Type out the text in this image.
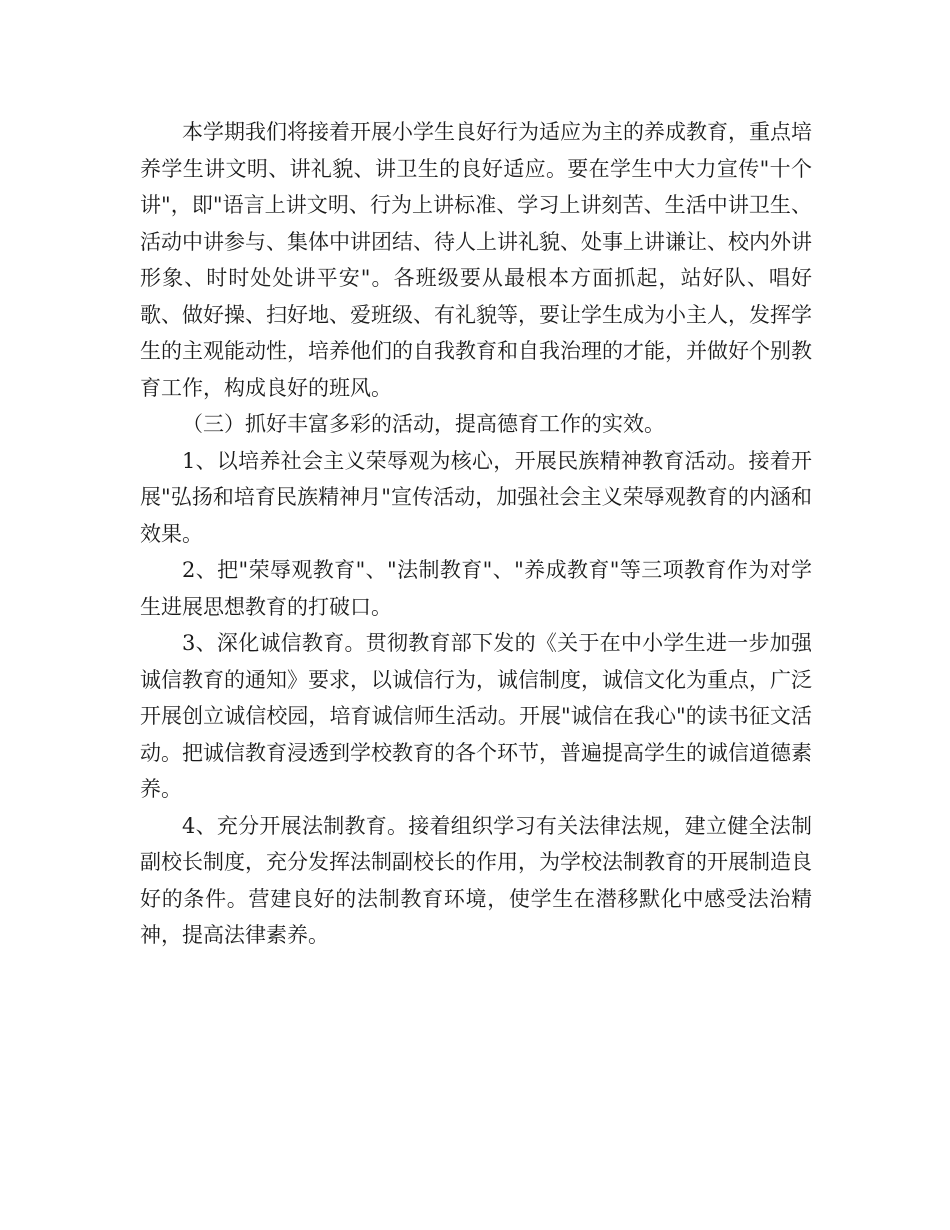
本学期我们将接着开展小学生良好行为适应为主的养成教育，重点培养学生讲文明、讲礼貌、讲卫生的良好适应。要在学生中大力宣传"十个讲"，即"语言上讲文明、行为上讲标准、学习上讲刻苦、生活中讲卫生、活动中讲参与、集体中讲团结、待人上讲礼貌、处事上讲谦让、校内外讲形象、时时处处讲平安"。各班级要从最根本方面抓起，站好队、唱好歌、做好操、扫好地、爱班级、有礼貌等，要让学生成为小主人，发挥学生的主观能动性，培养他们的自我教育和自我治理的才能，并做好个别教育工作，构成良好的班风。

（三）抓好丰富多彩的活动，提高德育工作的实效。

1、以培养社会主义荣辱观为核心，开展民族精神教育活动。接着开展"弘扬和培育民族精神月"宣传活动，加强社会主义荣辱观教育的内涵和效果。

2、把"荣辱观教育"、"法制教育"、"养成教育"等三项教育作为对学生进展思想教育的打破口。

3、深化诚信教育。贯彻教育部下发的《关于在中小学生进一步加强诚信教育的通知》要求，以诚信行为，诚信制度，诚信文化为重点，广泛开展创立诚信校园，培育诚信师生活动。开展"诚信在我心"的读书征文活动。把诚信教育浸透到学校教育的各个环节，普遍提高学生的诚信道德素养。

4、充分开展法制教育。接着组织学习有关法律法规，建立健全法制副校长制度，充分发挥法制副校长的作用，为学校法制教育的开展制造良好的条件。营建良好的法制教育环境，使学生在潜移默化中感受法治精神，提高法律素养。
